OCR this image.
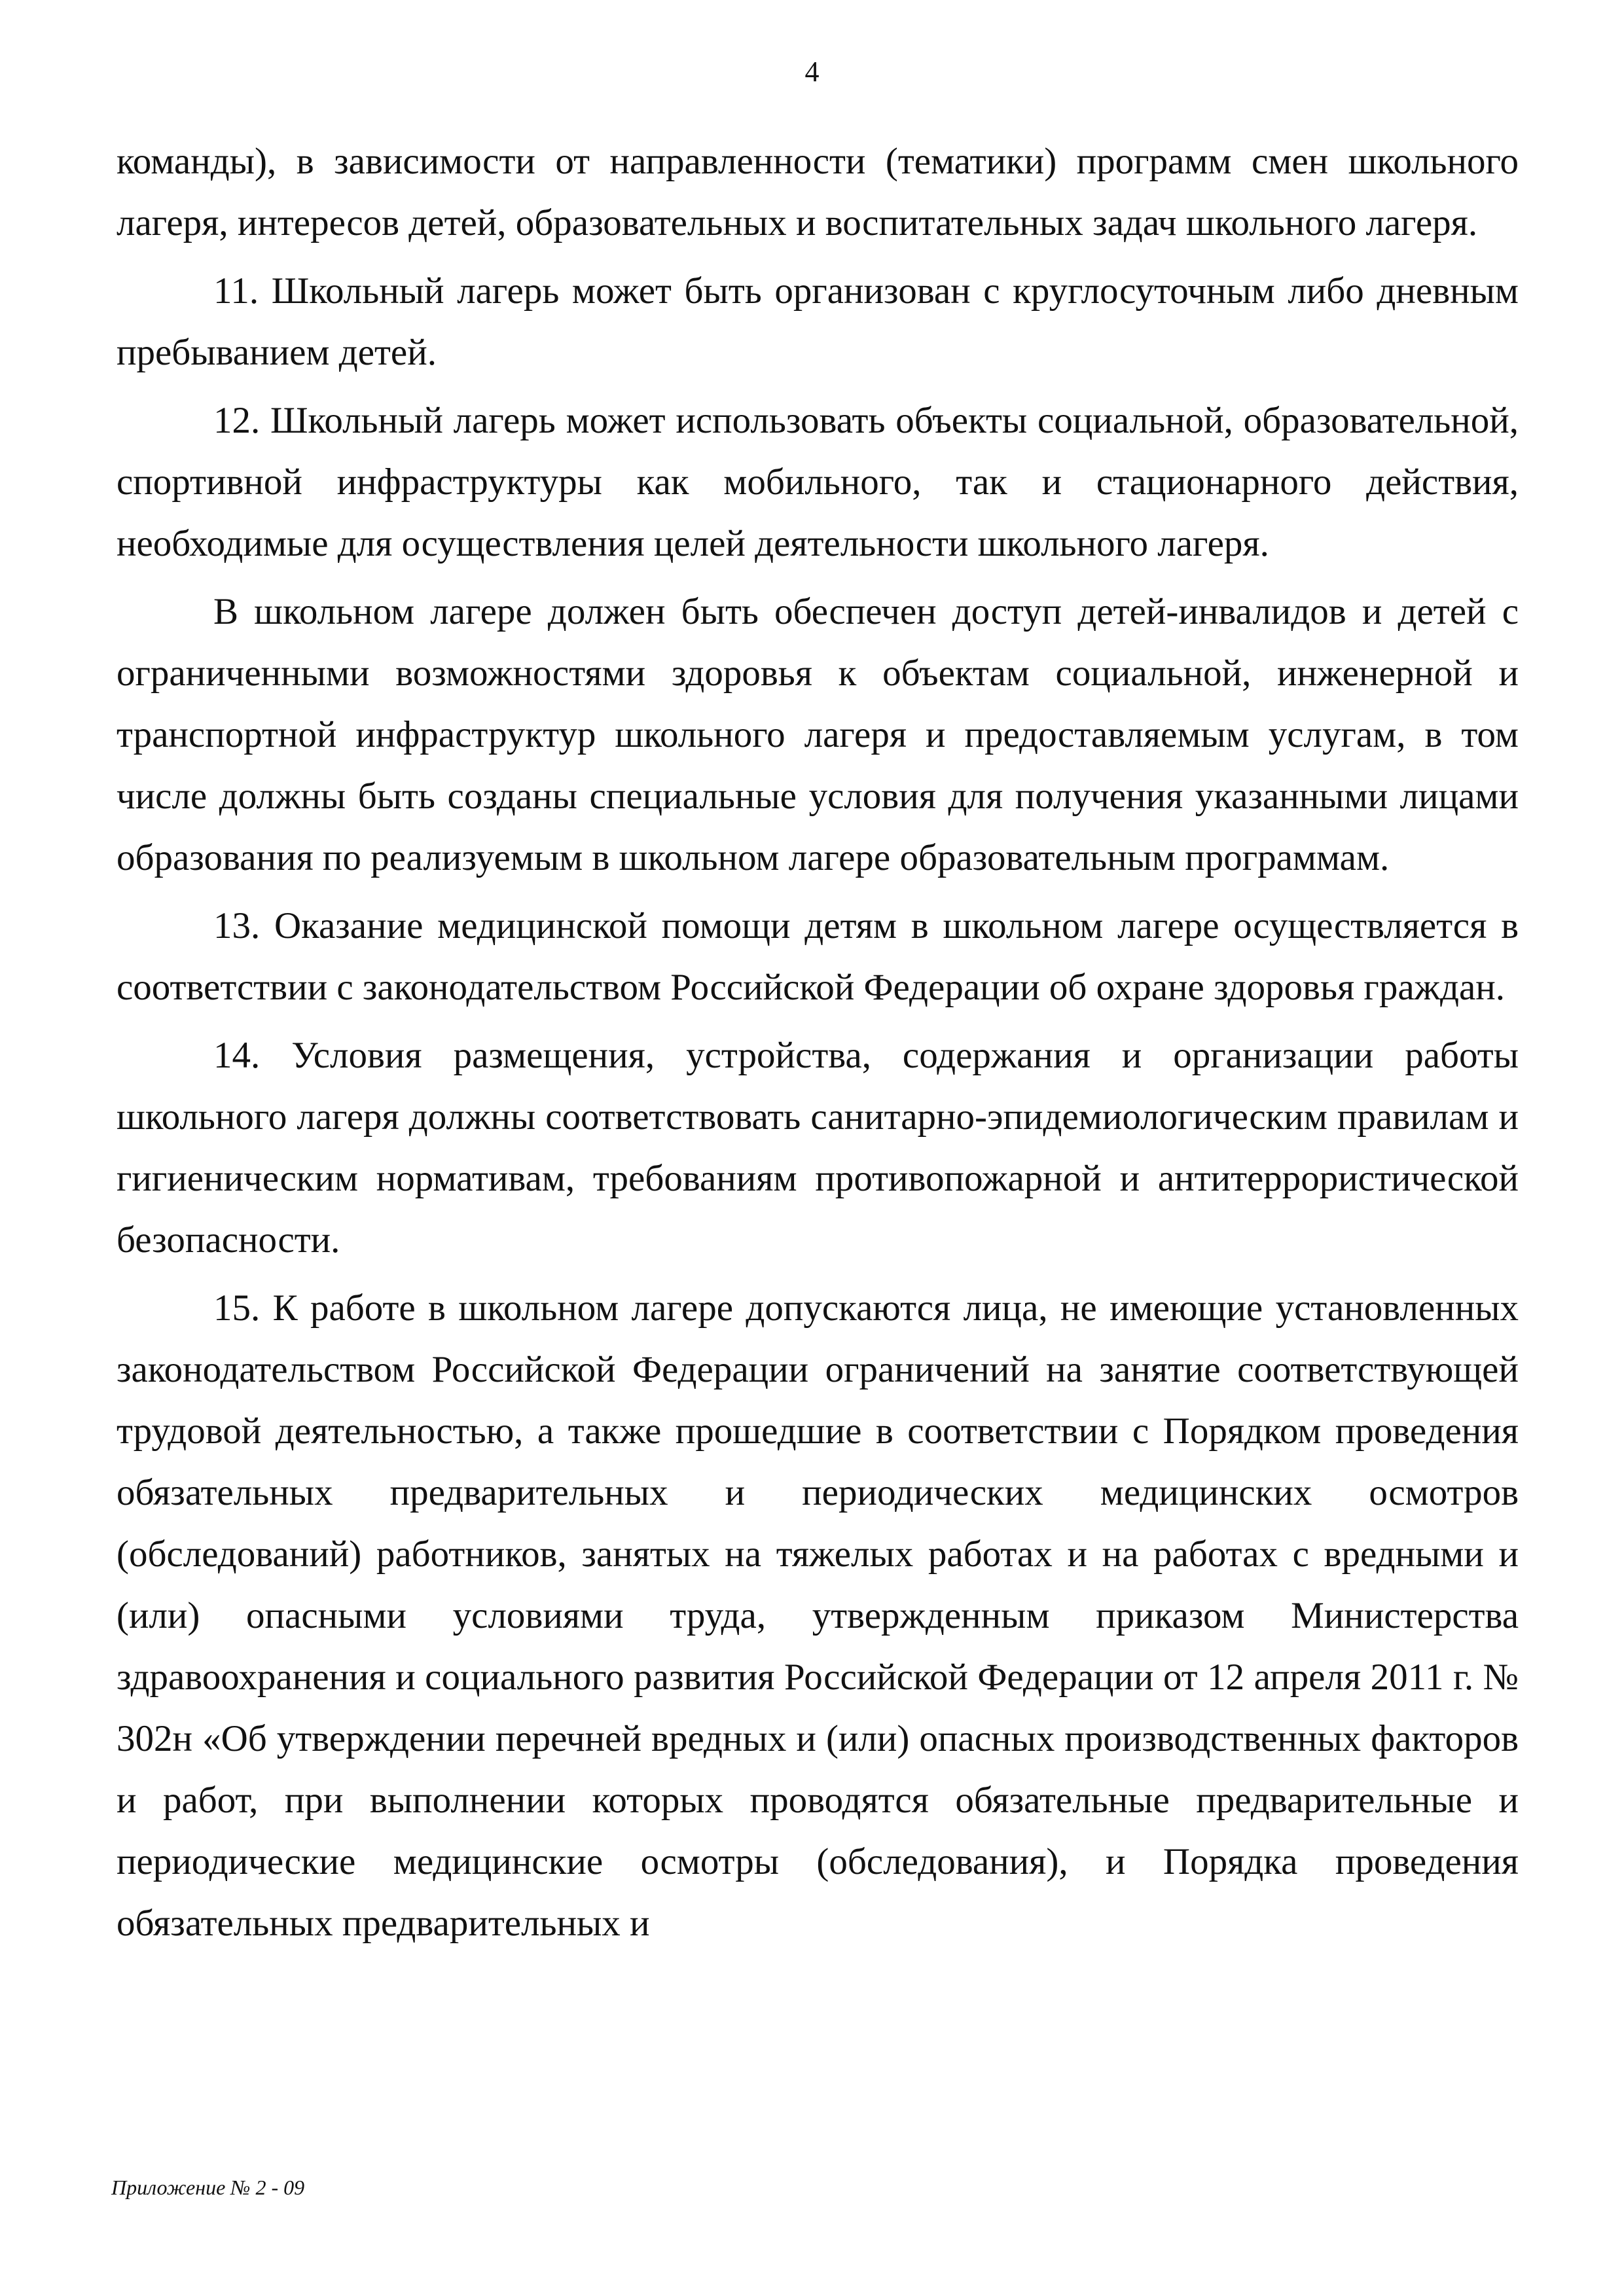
4

команды), в зависимости от направленности (тематики) программ смен школьного лагеря, интересов детей, образовательных и воспитательных задач школьного лагеря.

11. Школьный лагерь может быть организован с круглосуточным либо дневным пребыванием детей.

12. Школьный лагерь может использовать объекты социальной, образовательной, спортивной инфраструктуры как мобильного, так и стационарного действия, необходимые для осуществления целей деятельности школьного лагеря.

В школьном лагере должен быть обеспечен доступ детей-инвалидов и детей с ограниченными возможностями здоровья к объектам социальной, инженерной и транспортной инфраструктур школьного лагеря и предоставляемым услугам, в том числе должны быть созданы специальные условия для получения указанными лицами образования по реализуемым в школьном лагере образовательным программам.

13. Оказание медицинской помощи детям в школьном лагере осуществляется в соответствии с законодательством Российской Федерации об охране здоровья граждан.

14. Условия размещения, устройства, содержания и организации работы школьного лагеря должны соответствовать санитарно-эпидемиологическим правилам и гигиеническим нормативам, требованиям противопожарной и антитеррористической безопасности.

15. К работе в школьном лагере допускаются лица, не имеющие установленных законодательством Российской Федерации ограничений на занятие соответствующей трудовой деятельностью, а также прошедшие в соответствии с Порядком проведения обязательных предварительных и периодических медицинских осмотров (обследований) работников, занятых на тяжелых работах и на работах с вредными и (или) опасными условиями труда, утвержденным приказом Министерства здравоохранения и социального развития Российской Федерации от 12 апреля 2011 г. № 302н «Об утверждении перечней вредных и (или) опасных производственных факторов и работ, при выполнении которых проводятся обязательные предварительные и периодические медицинские осмотры (обследования), и Порядка проведения обязательных предварительных и

Приложение № 2 - 09
